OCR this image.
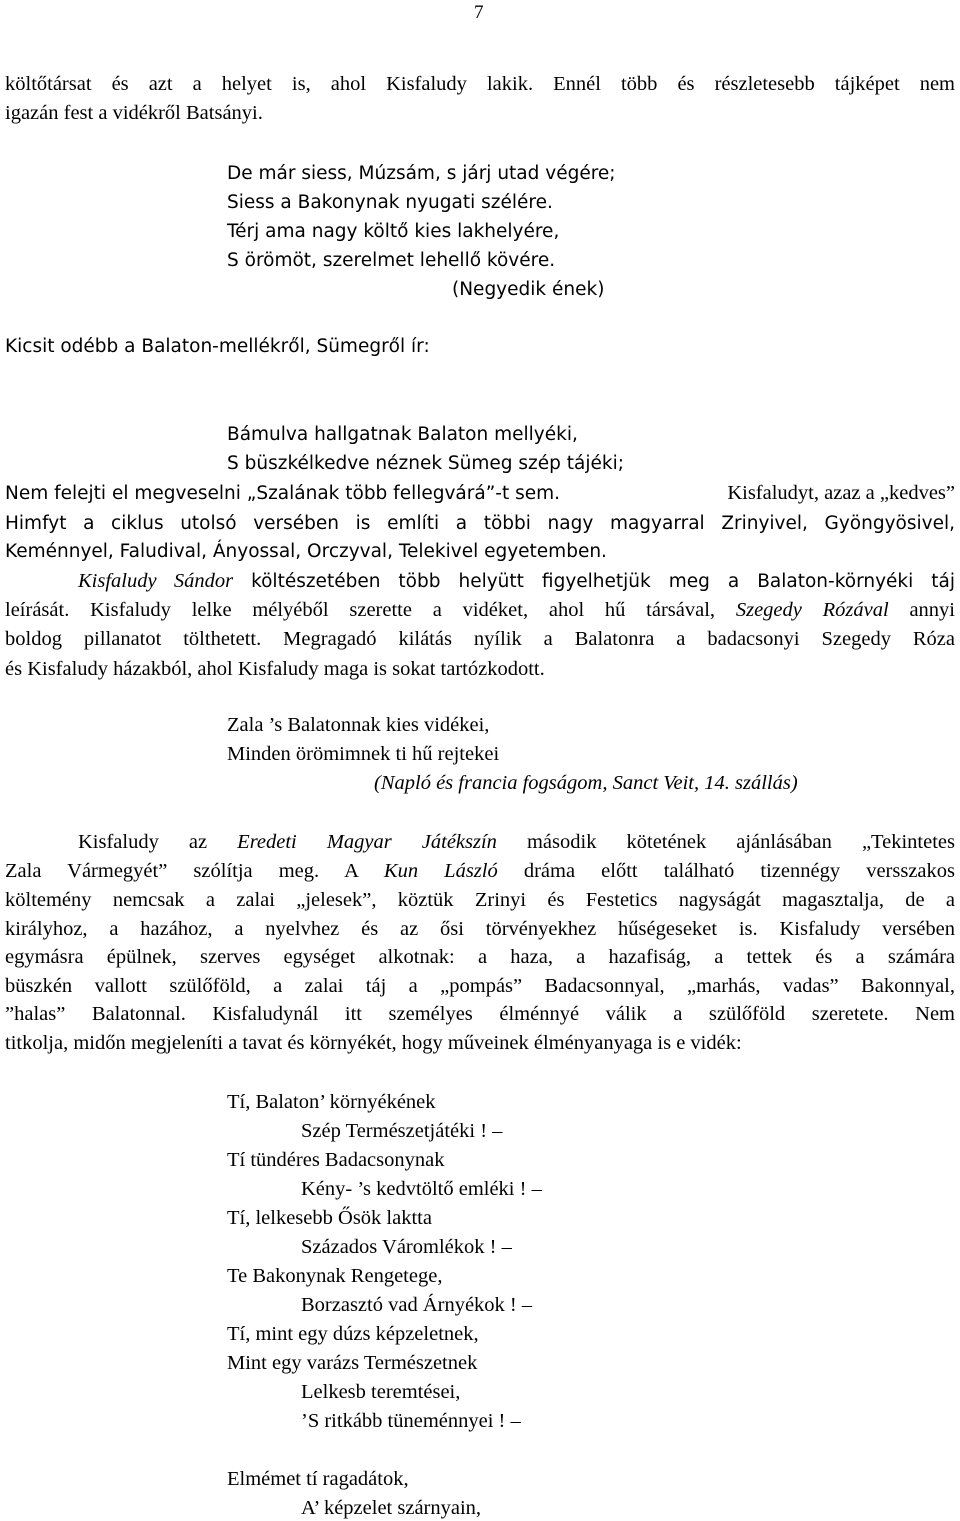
7
költőtársat és azt a helyet is, ahol Kisfaludy lakik. Ennél több és részletesebb tájképet nem
igazán fest a vidékről Batsányi.
De már siess, Múzsám, s járj utad végére;
Siess a Bakonynak nyugati szélére.
Térj ama nagy költő kies lakhelyére,
S örömöt, szerelmet lehellő kövére.
(Negyedik ének)
Kicsit odébb a Balaton-mellékről, Sümegről ír:
Bámulva hallgatnak Balaton mellyéki,
S büszkélkedve néznek Sümeg szép tájéki;
Nem felejti el megveselni „Szalának több fellegvárá”-t sem.	Kisfaludyt, azaz a „kedves”
Himfyt a ciklus utolsó versében is említi a többi nagy magyarral Zrinyivel, Gyöngyösivel,
Keménnyel, Faludival, Ányossal, Orczyval, Telekivel egyetemben.
Kisfaludy Sándor költészetében több helyütt figyelhetjük meg a Balaton-környéki táj
leírását. Kisfaludy lelke mélyéből szerette a vidéket, ahol hű társával, Szegedy Rózával annyi
boldog pillanatot tölthetett. Megragadó kilátás nyílik a Balatonra a badacsonyi Szegedy Róza
és Kisfaludy házakból, ahol Kisfaludy maga is sokat tartózkodott.
Zala ’s Balatonnak kies vidékei,
Minden örömimnek ti hű rejtekei
(Napló és francia fogságom, Sanct Veit, 14. szállás)
Kisfaludy az Eredeti Magyar Játékszín második kötetének ajánlásában „Tekintetes
Zala Vármegyét” szólítja meg. A Kun László dráma előtt található tizennégy versszakos
költemény nemcsak a zalai „jelesek”, köztük Zrinyi és Festetics nagyságát magasztalja, de a
királyhoz, a hazához, a nyelvhez és az ősi törvényekhez hűségeseket is. Kisfaludy versében
egymásra épülnek, szerves egységet alkotnak: a haza, a hazafiság, a tettek és a számára
büszkén vallott szülőföld, a zalai táj a „pompás” Badacsonnyal, „marhás, vadas” Bakonnyal,
”halas” Balatonnal. Kisfaludynál itt személyes élménnyé válik a szülőföld szeretete. Nem
titkolja, midőn megjeleníti a tavat és környékét, hogy műveinek élményanyaga is e vidék:
Tí, Balaton’ környékének
Szép Természetjátéki ! –
Tí tündéres Badacsonynak
Kény- ’s kedvtöltő emléki ! –
Tí, lelkesebb Ősök laktta
Százados Váromlékok ! –
Te Bakonynak Rengetege,
Borzasztó vad Árnyékok ! –
Tí, mint egy dúzs képzeletnek,
Mint egy varázs Természetnek
Lelkesb teremtései,
’S ritkább tüneménnyei ! –
Elmémet tí ragadátok,
A’ képzelet szárnyain,
